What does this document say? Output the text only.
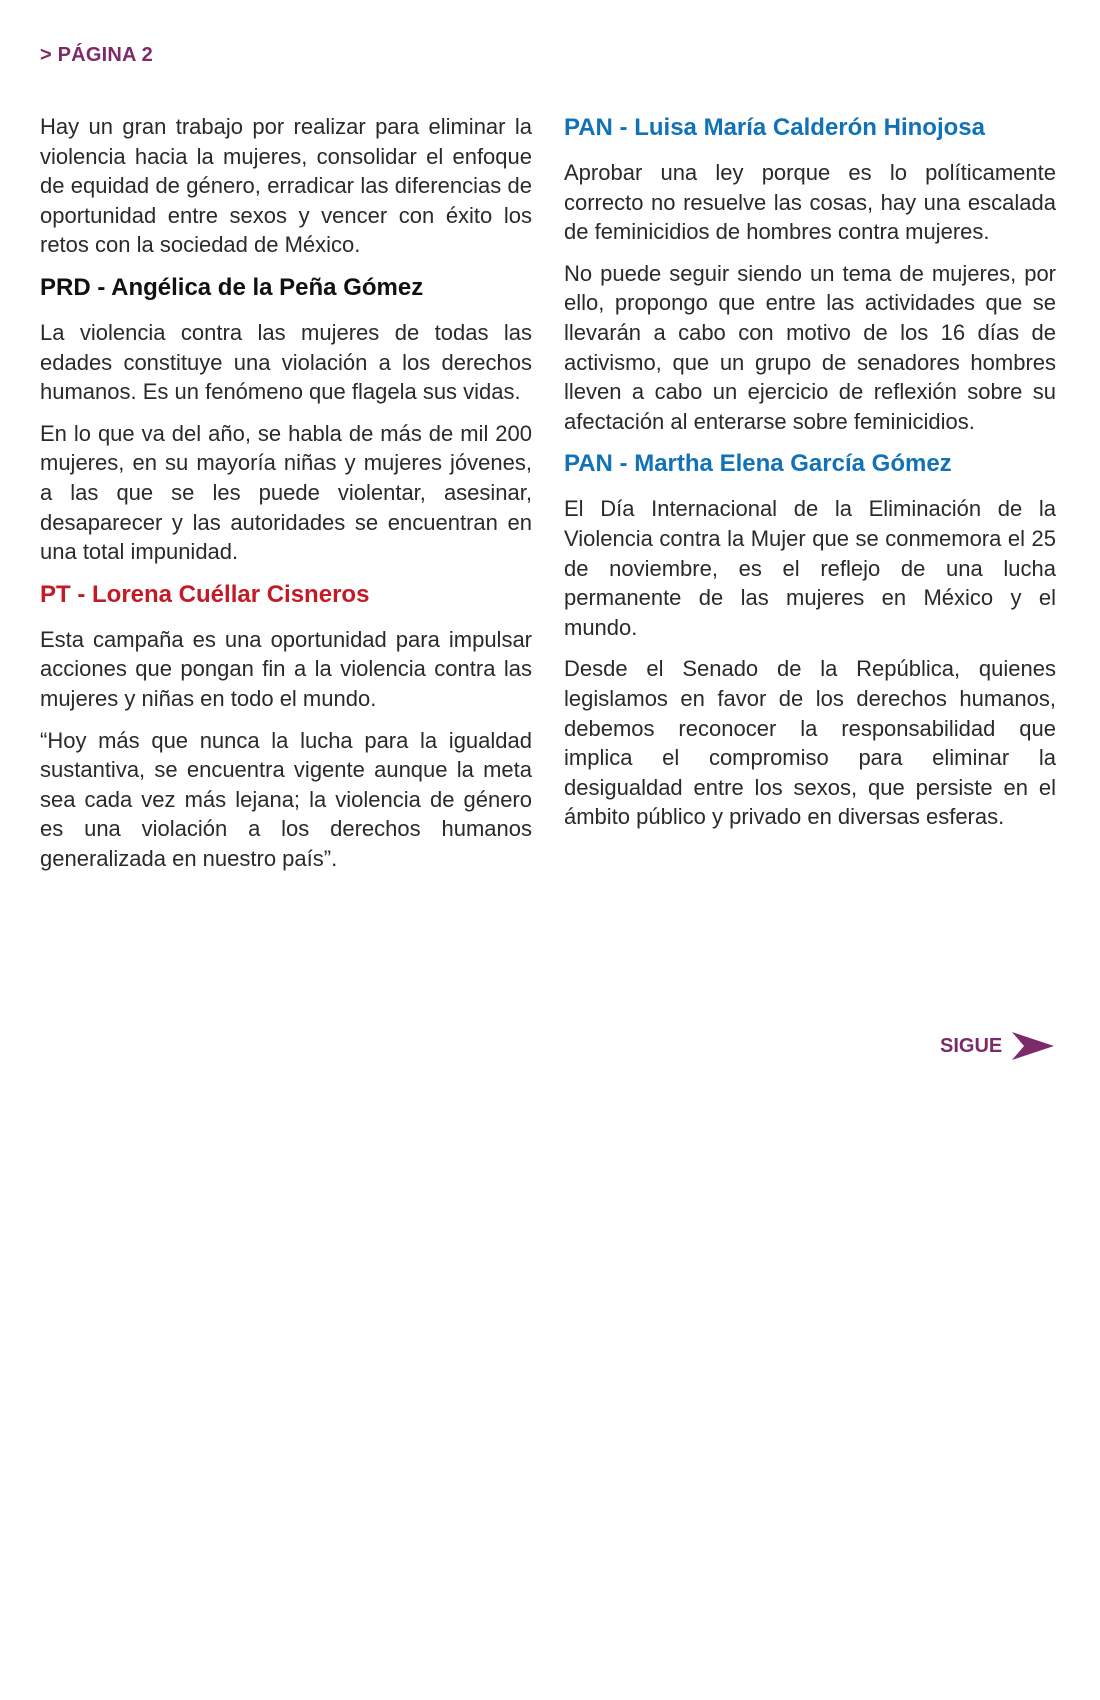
> PÁGINA 2

Hay un gran trabajo por realizar para eliminar la violencia hacia la mujeres, consolidar el enfoque de equidad de género, erradicar las diferencias de oportunidad entre sexos y vencer con éxito los retos con la sociedad de México.

PRD - Angélica de la Peña Gómez

La violencia contra las mujeres de todas las edades constituye una violación a los derechos humanos. Es un fenómeno que flagela sus vidas.

En lo que va del año, se habla de más de mil 200 mujeres, en su mayoría niñas y mujeres jóvenes, a las que se les puede violentar, asesinar, desaparecer y las autoridades se encuentran en una total impunidad.

PT - Lorena Cuéllar Cisneros

Esta campaña es una oportunidad para impulsar acciones que pongan fin a la violencia contra las mujeres y niñas en todo el mundo.

“Hoy más que nunca la lucha para la igualdad sustantiva, se encuentra vigente aunque la meta sea cada vez más lejana; la violencia de género es una violación a los derechos humanos generalizada en nuestro país”.

PAN - Luisa María Calderón Hinojosa

Aprobar una ley porque es lo políticamente correcto no resuelve las cosas, hay una escalada de feminicidios de hombres contra mujeres.

No puede seguir siendo un tema de mujeres, por ello, propongo que entre las actividades que se llevarán a cabo con motivo de los 16 días de activismo, que un grupo de senadores hombres lleven a cabo un ejercicio de reflexión sobre su afectación al enterarse sobre feminicidios.

PAN - Martha Elena García Gómez

El Día Internacional de la Eliminación de la Violencia contra la Mujer que se conmemora el 25 de noviembre, es el reflejo de una lucha permanente de las mujeres en México y el mundo.

Desde el Senado de la República, quienes legislamos en favor de los derechos humanos, debemos reconocer la responsabilidad que implica el compromiso para eliminar la desigualdad entre los sexos, que persiste en el ámbito público y privado en diversas esferas.

SIGUE
